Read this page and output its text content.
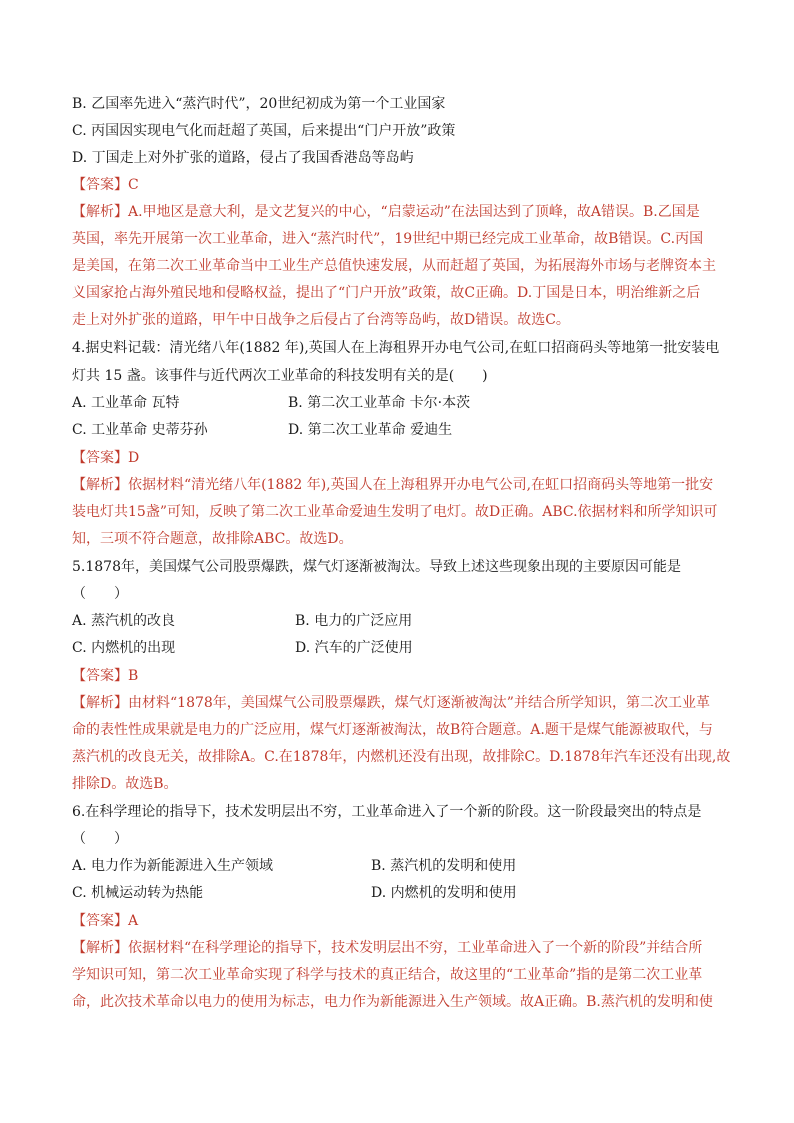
B. 乙国率先进入“蒸汽时代”，20世纪初成为第一个工业国家
C. 丙国因实现电气化而赶超了英国，后来提出“门户开放”政策
D. 丁国走上对外扩张的道路，侵占了我国香港岛等岛屿
【答案】C
【解析】A.甲地区是意大利，是文艺复兴的中心，“启蒙运动”在法国达到了顶峰，故A错误。B.乙国是
英国，率先开展第一次工业革命，进入“蒸汽时代”，19世纪中期已经完成工业革命，故B错误。C.丙国
是美国，在第二次工业革命当中工业生产总值快速发展，从而赶超了英国，为拓展海外市场与老牌资本主
义国家抢占海外殖民地和侵略权益，提出了“门户开放”政策，故C正确。D.丁国是日本，明治维新之后
走上对外扩张的道路，甲午中日战争之后侵占了台湾等岛屿，故D错误。故选C。
4.据史料记载：清光绪八年(1882 年),英国人在上海租界开办电气公司,在虹口招商码头等地第一批安装电
灯共 15 盏。该事件与近代两次工业革命的科技发明有关的是(　　)
A. 工业革命 瓦特	B. 第二次工业革命 卡尔·本茨
C. 工业革命 史蒂芬孙	D. 第二次工业革命 爱迪生
【答案】D
【解析】依据材料“清光绪八年(1882 年),英国人在上海租界开办电气公司,在虹口招商码头等地第一批安
装电灯共15盏”可知，反映了第二次工业革命爱迪生发明了电灯。故D正确。ABC.依据材料和所学知识可
知，三项不符合题意，故排除ABC。故选D。
5.1878年，美国煤气公司股票爆跌，煤气灯逐渐被淘汰。导致上述这些现象出现的主要原因可能是
（　　）
A. 蒸汽机的改良	B. 电力的广泛应用
C. 内燃机的出现	D. 汽车的广泛使用
【答案】B
【解析】由材料“1878年，美国煤气公司股票爆跌，煤气灯逐渐被淘汰”并结合所学知识，第二次工业革
命的表性性成果就是电力的广泛应用，煤气灯逐渐被淘汰，故B符合题意。A.题干是煤气能源被取代，与
蒸汽机的改良无关，故排除A。C.在1878年，内燃机还没有出现，故排除C。D.1878年汽车还没有出现,故
排除D。故选B。
6.在科学理论的指导下，技术发明层出不穷，工业革命进入了一个新的阶段。这一阶段最突出的特点是
（　　）
A. 电力作为新能源进入生产领域	B. 蒸汽机的发明和使用
C. 机械运动转为热能	D. 内燃机的发明和使用
【答案】A
【解析】依据材料“在科学理论的指导下，技术发明层出不穷，工业革命进入了一个新的阶段”并结合所
学知识可知，第二次工业革命实现了科学与技术的真正结合，故这里的“工业革命”指的是第二次工业革
命，此次技术革命以电力的使用为标志，电力作为新能源进入生产领域。故A正确。B.蒸汽机的发明和使
